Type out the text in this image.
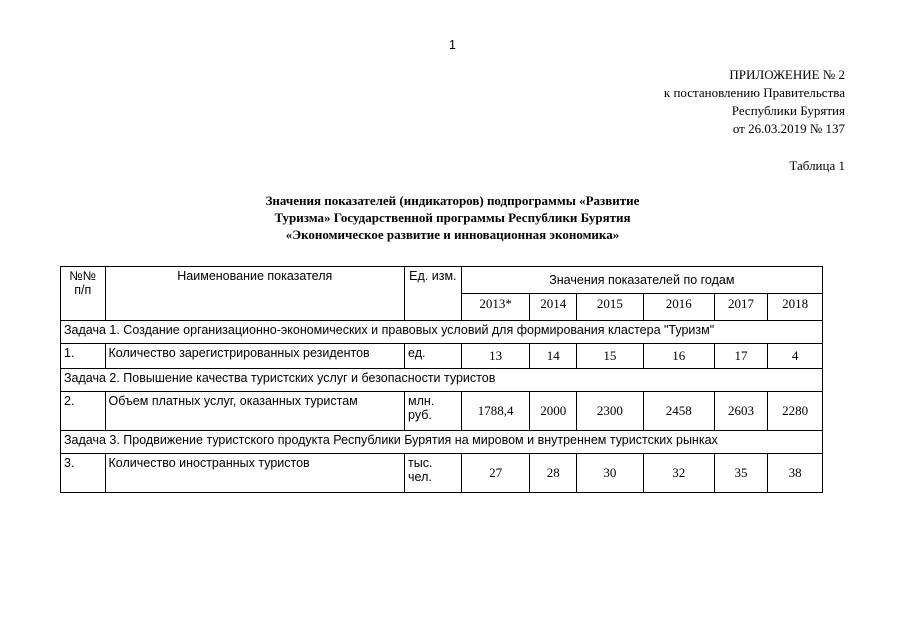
1
ПРИЛОЖЕНИЕ № 2
к постановлению Правительства
Республики Бурятия
от 26.03.2019 № 137
Таблица 1
Значения показателей (индикаторов) подпрограммы «Развитие
Туризма» Государственной программы Республики Бурятия
«Экономическое развитие и инновационная экономика»
№№ п/п	Наименование показателя	Ед. изм.	Значения показателей по годам					
			2013*	2014	2015	2016	2017	2018
Задача 1. Создание организационно-экономических и правовых условий для формирования кластера "Туризм"								
1.	Количество зарегистрированных резидентов	ед.	13	14	15	16	17	4
Задача 2. Повышение качества туристских услуг и безопасности туристов								
2.	Объем платных услуг, оказанных туристам	млн. руб.	1788,4	2000	2300	2458	2603	2280
Задача 3. Продвижение туристского продукта Республики Бурятия на мировом и внутреннем туристских рынках								
3.	Количество иностранных туристов	тыс. чел.	27	28	30	32	35	38
